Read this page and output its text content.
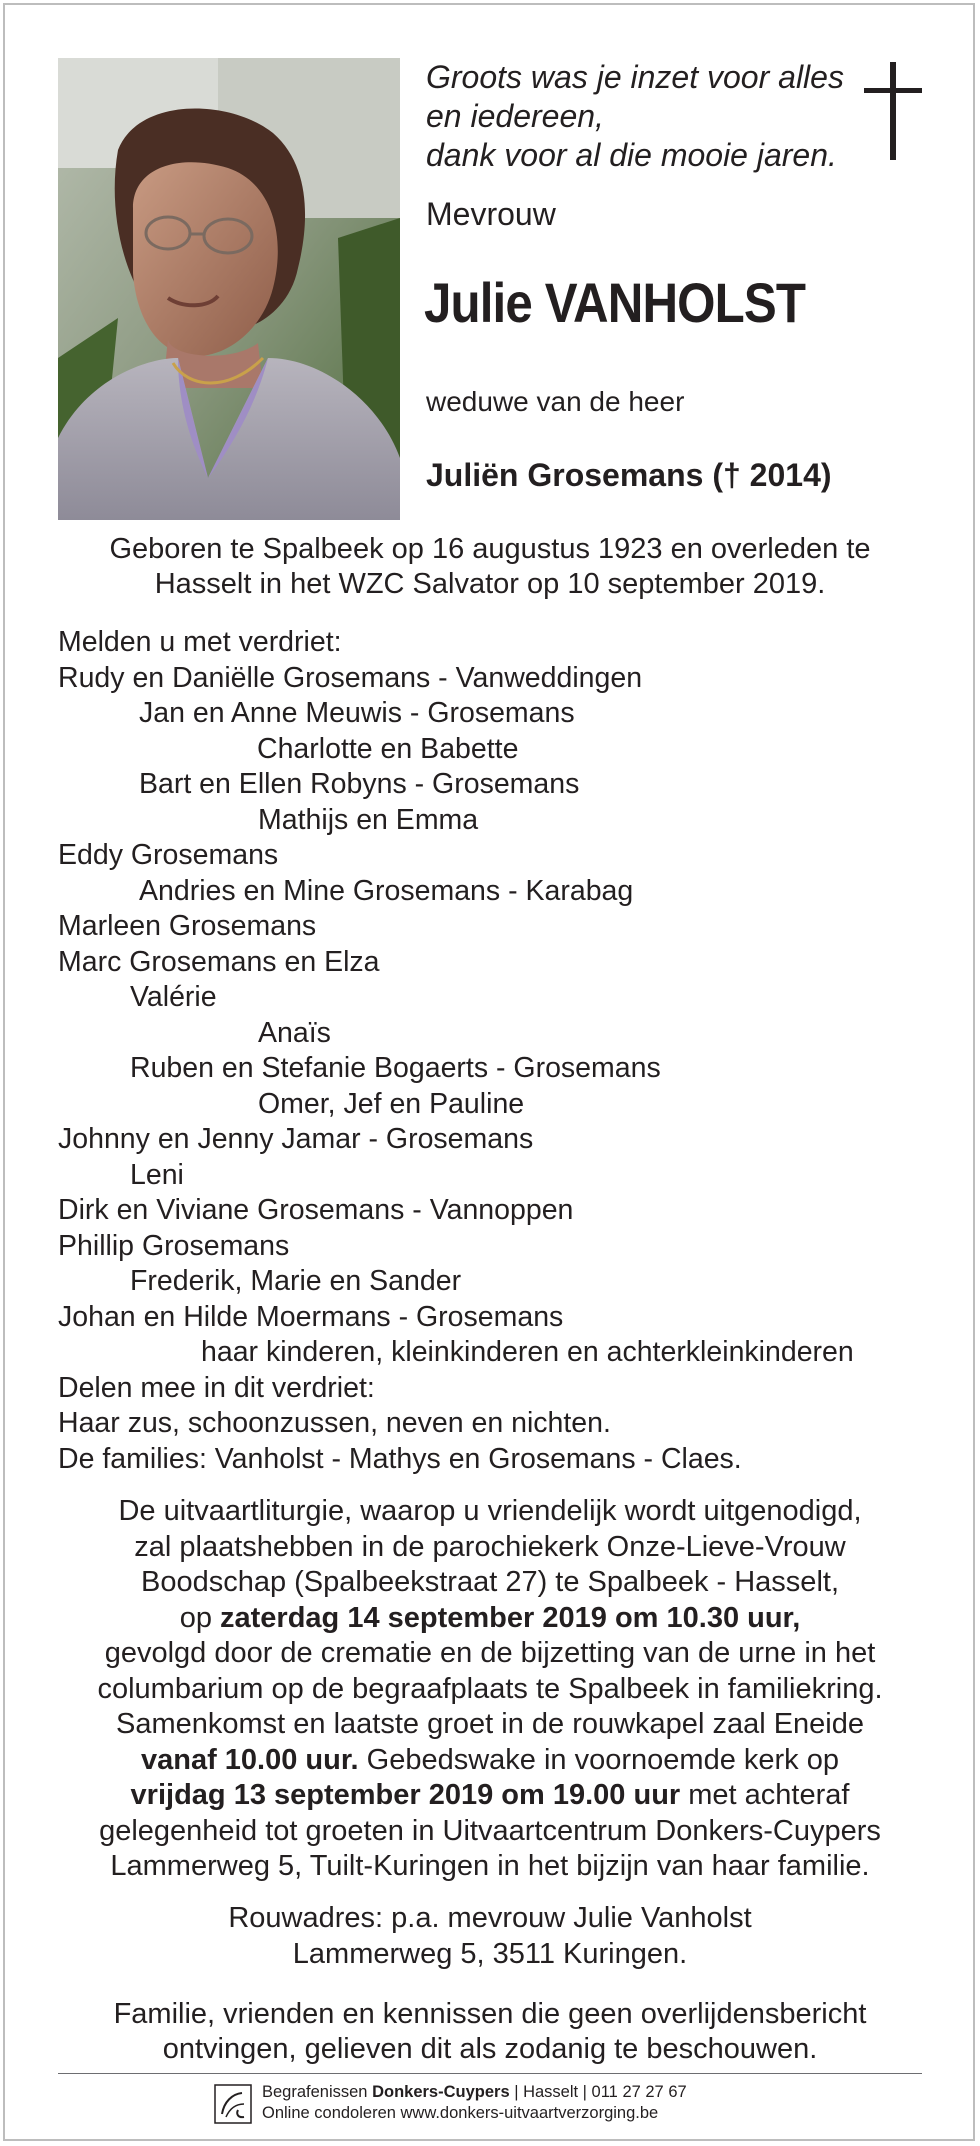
Groots was je inzet voor alles
en iedereen,
dank voor al die mooie jaren.
Mevrouw
Julie VANHOLST
weduwe van de heer
Juliën Grosemans († 2014)
Geboren te Spalbeek op 16 augustus 1923 en overleden te
Hasselt in het WZC Salvator op 10 september 2019.
Melden u met verdriet:
Rudy en Daniëlle Grosemans - Vanweddingen
Jan en Anne Meuwis - Grosemans
Charlotte en Babette
Bart en Ellen Robyns - Grosemans
Mathijs en Emma
Eddy Grosemans
Andries en Mine Grosemans - Karabag
Marleen Grosemans
Marc Grosemans en Elza
Valérie
Anaïs
Ruben en Stefanie Bogaerts - Grosemans
Omer, Jef en Pauline
Johnny en Jenny Jamar - Grosemans
Leni
Dirk en Viviane Grosemans - Vannoppen
Phillip Grosemans
Frederik, Marie en Sander
Johan en Hilde Moermans - Grosemans
haar kinderen, kleinkinderen en achterkleinkinderen
Delen mee in dit verdriet:
Haar zus, schoonzussen, neven en nichten.
De families: Vanholst - Mathys en Grosemans - Claes.
De uitvaartliturgie, waarop u vriendelijk wordt uitgenodigd,
zal plaatshebben in de parochiekerk Onze-Lieve-Vrouw
Boodschap (Spalbeekstraat 27) te Spalbeek - Hasselt,
op zaterdag 14 september 2019 om 10.30 uur,
gevolgd door de crematie en de bijzetting van de urne in het
columbarium op de begraafplaats te Spalbeek in familiekring.
Samenkomst en laatste groet in de rouwkapel zaal Eneide
vanaf 10.00 uur. Gebedswake in voornoemde kerk op
vrijdag 13 september 2019 om 19.00 uur met achteraf
gelegenheid tot groeten in Uitvaartcentrum Donkers-Cuypers
Lammerweg 5, Tuilt-Kuringen in het bijzijn van haar familie.
Rouwadres: p.a. mevrouw Julie Vanholst
Lammerweg 5, 3511 Kuringen.
Familie, vrienden en kennissen die geen overlijdensbericht
ontvingen, gelieven dit als zodanig te beschouwen.
Begrafenissen Donkers-Cuypers | Hasselt | 011 27 27 67
Online condoleren www.donkers-uitvaartverzorging.be
